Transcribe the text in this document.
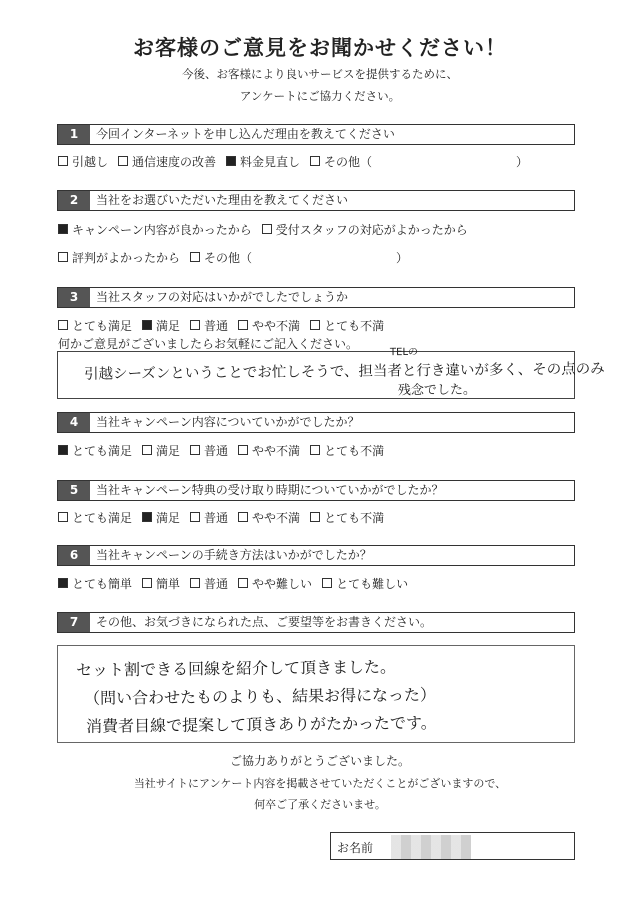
お客様のご意見をお聞かせください！
今後、お客様により良いサービスを提供するために、
アンケートにご協力ください。
1	今回インターネットを申し込んだ理由を教えてください
引越し 通信速度の改善 料金見直し その他（　　　　　　　　　　　　）
2	当社をお選びいただいた理由を教えてください
キャンペーン内容が良かったから 受付スタッフの対応がよかったから
評判がよかったから その他（　　　　　　　　　　　　）
3	当社スタッフの対応はいかがでしたでしょうか
とても満足 満足 普通 やや不満 とても不満
何かご意見がございましたらお気軽にご記入ください。
TELの
引越シーズンということでお忙しそうで、担当者と行き違いが多く、その点のみ
残念でした。
4	当社キャンペーン内容についていかがでしたか？
とても満足 満足 普通 やや不満 とても不満
5	当社キャンペーン特典の受け取り時期についていかがでしたか？
とても満足 満足 普通 やや不満 とても不満
6	当社キャンペーンの手続き方法はいかがでしたか？
とても簡単 簡単 普通 やや難しい とても難しい
7	その他、お気づきになられた点、ご要望等をお書きください。
セット割できる回線を紹介して頂きました。
（問い合わせたものよりも、結果お得になった）
消費者目線で提案して頂きありがたかったです。
ご協力ありがとうございました。
当社サイトにアンケート内容を掲載させていただくことがございますので、
何卒ご了承くださいませ。
お名前
